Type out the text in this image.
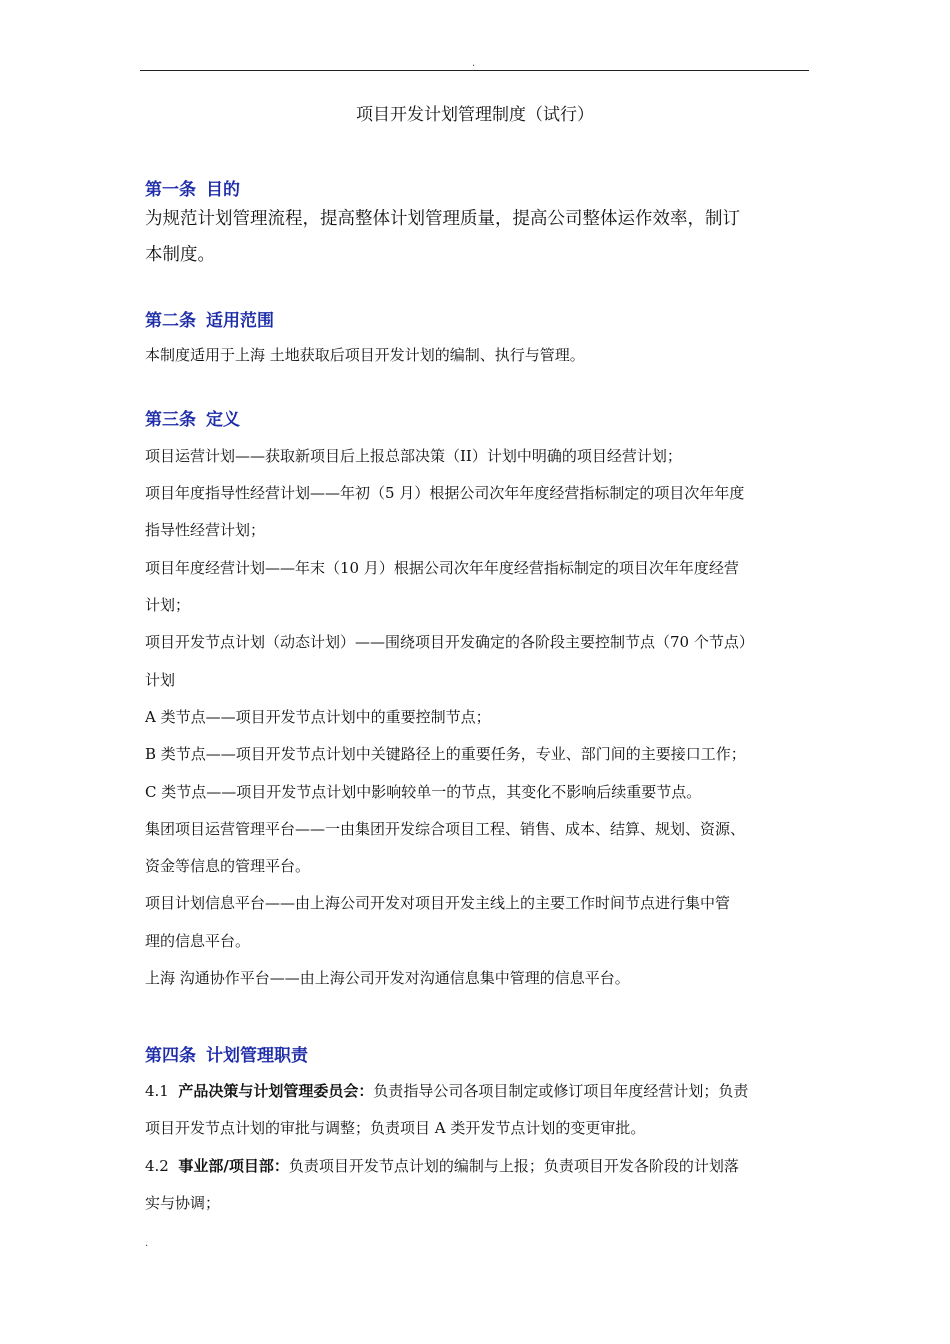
.
项目开发计划管理制度（试行）
第一条 目的
为规范计划管理流程，提高整体计划管理质量，提高公司整体运作效率，制订
本制度。
第二条 适用范围
本制度适用于上海 土地获取后项目开发计划的编制、执行与管理。
第三条 定义
项目运营计划——获取新项目后上报总部决策（II）计划中明确的项目经营计划；
项目年度指导性经营计划——年初（5 月）根据公司次年年度经营指标制定的项目次年年度
指导性经营计划；
项目年度经营计划——年末（10 月）根据公司次年年度经营指标制定的项目次年年度经营
计划；
项目开发节点计划（动态计划）——围绕项目开发确定的各阶段主要控制节点（70 个节点）
计划
A 类节点——项目开发节点计划中的重要控制节点；
B 类节点——项目开发节点计划中关键路径上的重要任务，专业、部门间的主要接口工作；
C 类节点——项目开发节点计划中影响较单一的节点，其变化不影响后续重要节点。
集团项目运营管理平台——一由集团开发综合项目工程、销售、成本、结算、规划、资源、
资金等信息的管理平台。
项目计划信息平台——由上海公司开发对项目开发主线上的主要工作时间节点进行集中管
理的信息平台。
上海 沟通协作平台——由上海公司开发对沟通信息集中管理的信息平台。
第四条 计划管理职责
4.1 产品决策与计划管理委员会：负责指导公司各项目制定或修订项目年度经营计划；负责
项目开发节点计划的审批与调整；负责项目 A 类开发节点计划的变更审批。
4.2 事业部/项目部：负责项目开发节点计划的编制与上报；负责项目开发各阶段的计划落
实与协调；
.
